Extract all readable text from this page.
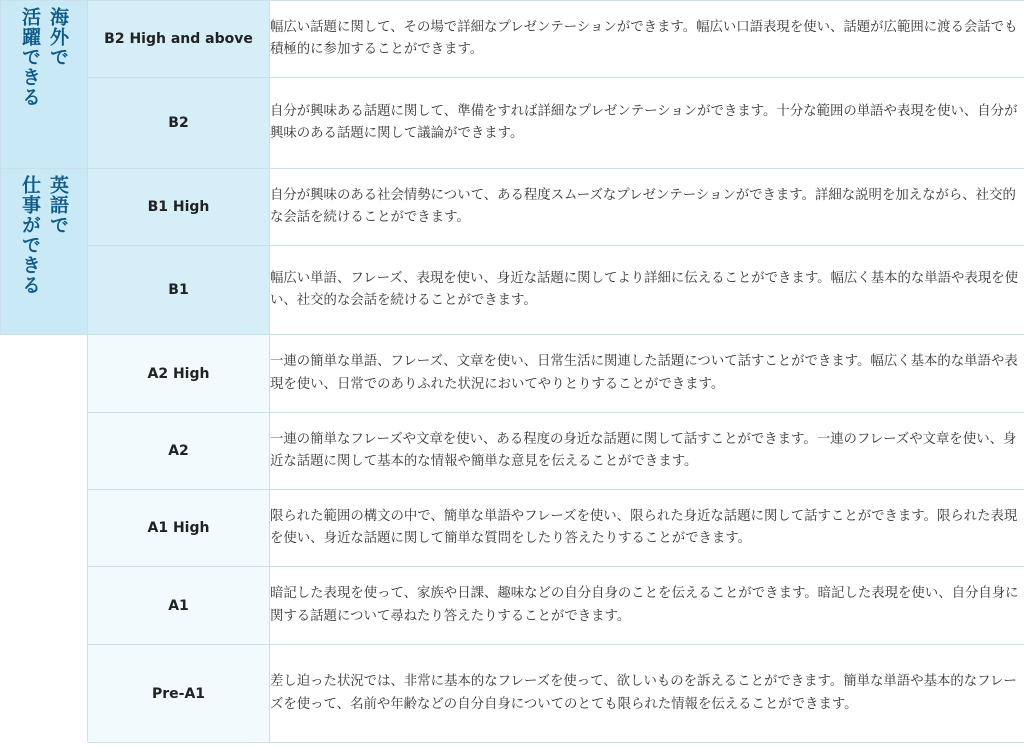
海外で
活躍できる	B2 High and above	幅広い話題に関して、その場で詳細なプレゼンテーションができます。幅広い口語表現を使い、話題が広範囲に渡る会話でも積極的に参加することができます。
	B2	自分が興味ある話題に関して、準備をすれば詳細なプレゼンテーションができます。十分な範囲の単語や表現を使い、自分が興味のある話題に関して議論ができます。

英語で
仕事ができる	B1 High	自分が興味のある社会情勢について、ある程度スムーズなプレゼンテーションができます。詳細な説明を加えながら、社交的な会話を続けることができます。
	B1	幅広い単語、フレーズ、表現を使い、身近な話題に関してより詳細に伝えることができます。幅広く基本的な単語や表現を使い、社交的な会話を続けることができます。
	A2 High	一連の簡単な単語、フレーズ、文章を使い、日常生活に関連した話題について話すことができます。幅広く基本的な単語や表現を使い、日常でのありふれた状況においてやりとりすることができます。
	A2	一連の簡単なフレーズや文章を使い、ある程度の身近な話題に関して話すことができます。一連のフレーズや文章を使い、身近な話題に関して基本的な情報や簡単な意見を伝えることができます。
	A1 High	限られた範囲の構文の中で、簡単な単語やフレーズを使い、限られた身近な話題に関して話すことができます。限られた表現を使い、身近な話題に関して簡単な質問をしたり答えたりすることができます。
	A1	暗記した表現を使って、家族や日課、趣味などの自分自身のことを伝えることができます。暗記した表現を使い、自分自身に関する話題について尋ねたり答えたりすることができます。
	Pre-A1	差し迫った状況では、非常に基本的なフレーズを使って、欲しいものを訴えることができます。簡単な単語や基本的なフレーズを使って、名前や年齢などの自分自身についてのとても限られた情報を伝えることができます。
